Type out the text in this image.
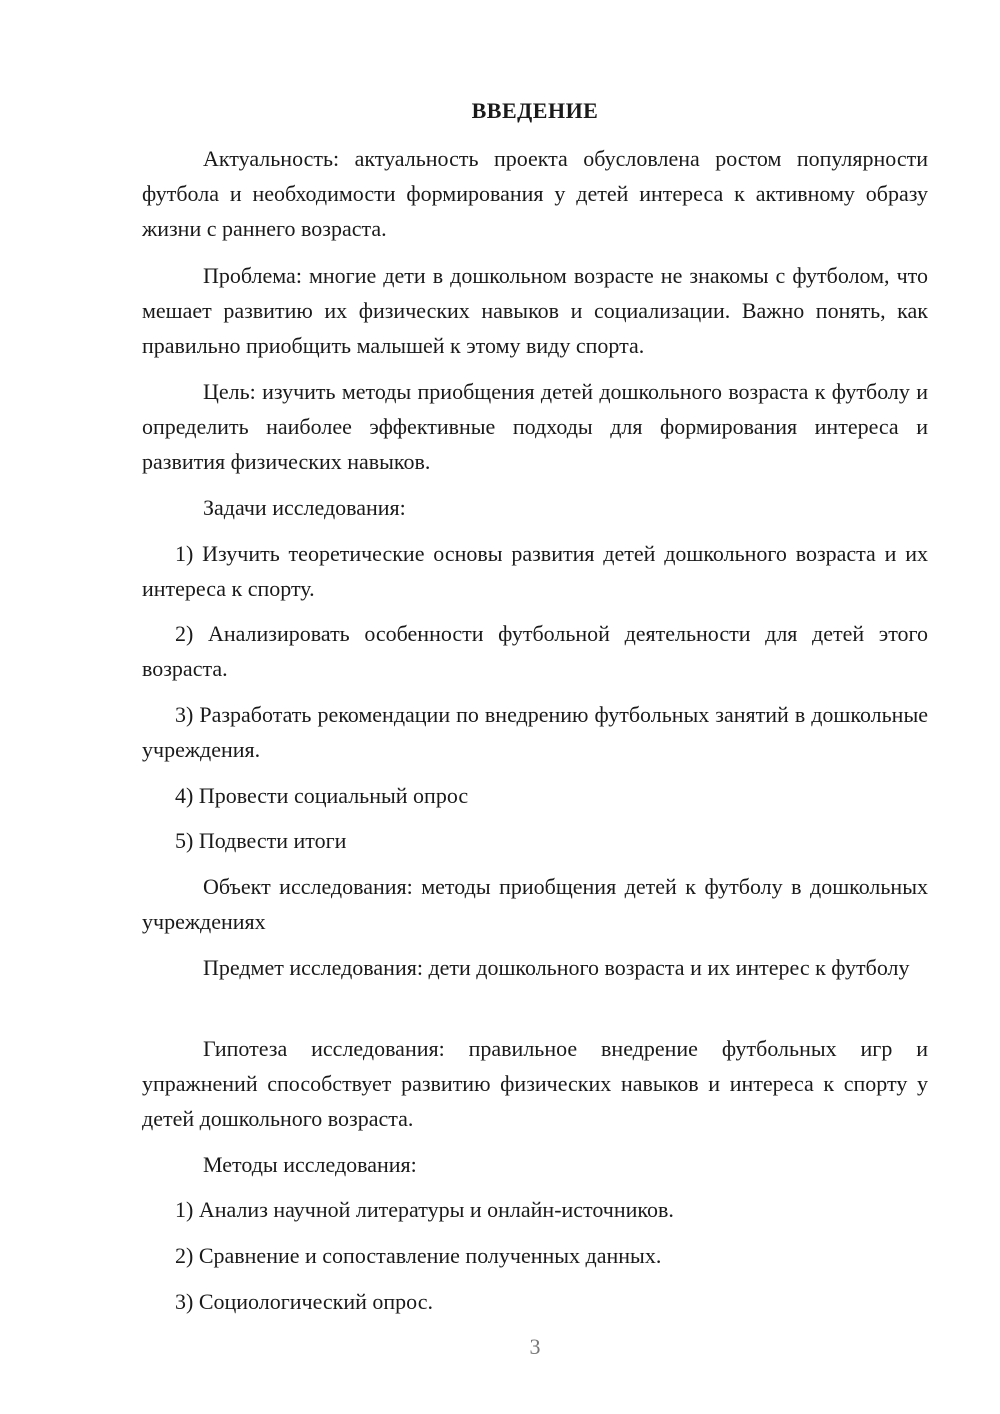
ВВЕДЕНИЕ
Актуальность: актуальность проекта обусловлена ростом популярности футбола и необходимости формирования у детей интереса к активному образу жизни с раннего возраста.
Проблема: многие дети в дошкольном возрасте не знакомы с футболом, что мешает развитию их физических навыков и социализации. Важно понять, как правильно приобщить малышей к этому виду спорта.
Цель: изучить методы приобщения детей дошкольного возраста к футболу и определить наиболее эффективные подходы для формирования интереса и развития физических навыков.
Задачи исследования:
1) Изучить теоретические основы развития детей дошкольного возраста и их интереса к спорту.
2) Анализировать особенности футбольной деятельности для детей этого возраста.
3) Разработать рекомендации по внедрению футбольных занятий в дошкольные учреждения.
4) Провести социальный опрос
5) Подвести итоги
Объект исследования: методы приобщения детей к футболу в дошкольных учреждениях
Предмет исследования: дети дошкольного возраста и их интерес к футболу
Гипотеза исследования: правильное внедрение футбольных игр и упражнений способствует развитию физических навыков и интереса к спорту у детей дошкольного возраста.
Методы исследования:
1) Анализ научной литературы и онлайн-источников.
2) Сравнение и сопоставление полученных данных.
3) Социологический опрос.
3
